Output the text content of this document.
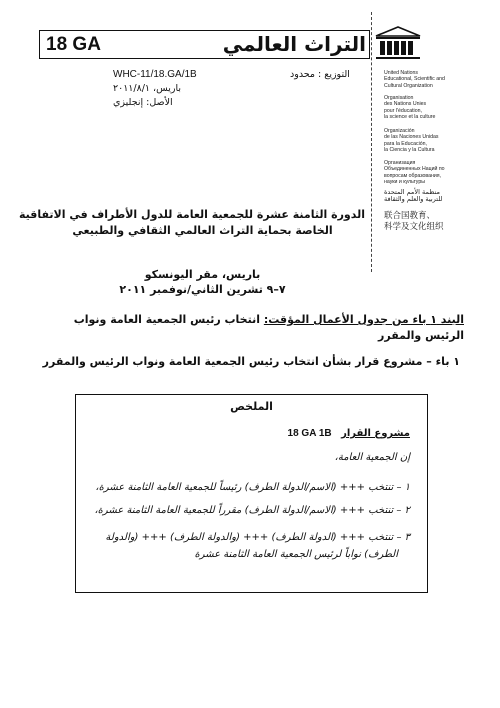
18 GA	التراث العالمي
United Nations
Educational, Scientific and
Cultural Organization
Organisation
des Nations Unies
pour l'éducation,
la science et la culture
Organización
de las Naciones Unidas
para la Educación,
la Ciencia y la Cultura
Организация
Объединенных Наций по
вопросам образования,
науки и культуры
منظمة الأمم المتحدة
للتربية والعلم والثقافة
联合国教育、
科学及文化组织
التوزيع : محدود
WHC-11/18.GA/1B
باريس، ٢٠١١/٨/١
الأصل: إنجليزي
الدورة الثامنة عشرة للجمعية العامة للدول الأطراف في الاتفاقية
الخاصة بحماية التراث العالمي الثقافي والطبيعي
باريس، مقر اليونسكو
٧–٩ تشرين الثاني/نوفمبر ٢٠١١
البند ١ باء من جدول الأعمال المؤقت: انتخاب رئيس الجمعية العامة ونواب
الرئيس والمقرر
١ باء – مشروع قرار بشأن انتخاب رئيس الجمعية العامة ونواب الرئيس والمقرر
الملخص
مشروع القرار 18 GA 1B
إن الجمعية العامة،
١ – تنتخب +++ (الاسم/الدولة الطرف) رئيساً للجمعية العامة الثامنة عشرة،
٢ – تنتخب +++ (الاسم/الدولة الطرف) مقرراً للجمعية العامة الثامنة عشرة،
٣ – تنتخب +++ (الدولة الطرف) +++ (والدولة الطرف) +++ (والدولة
الطرف) نواباً لرئيس الجمعية العامة الثامنة عشرة
